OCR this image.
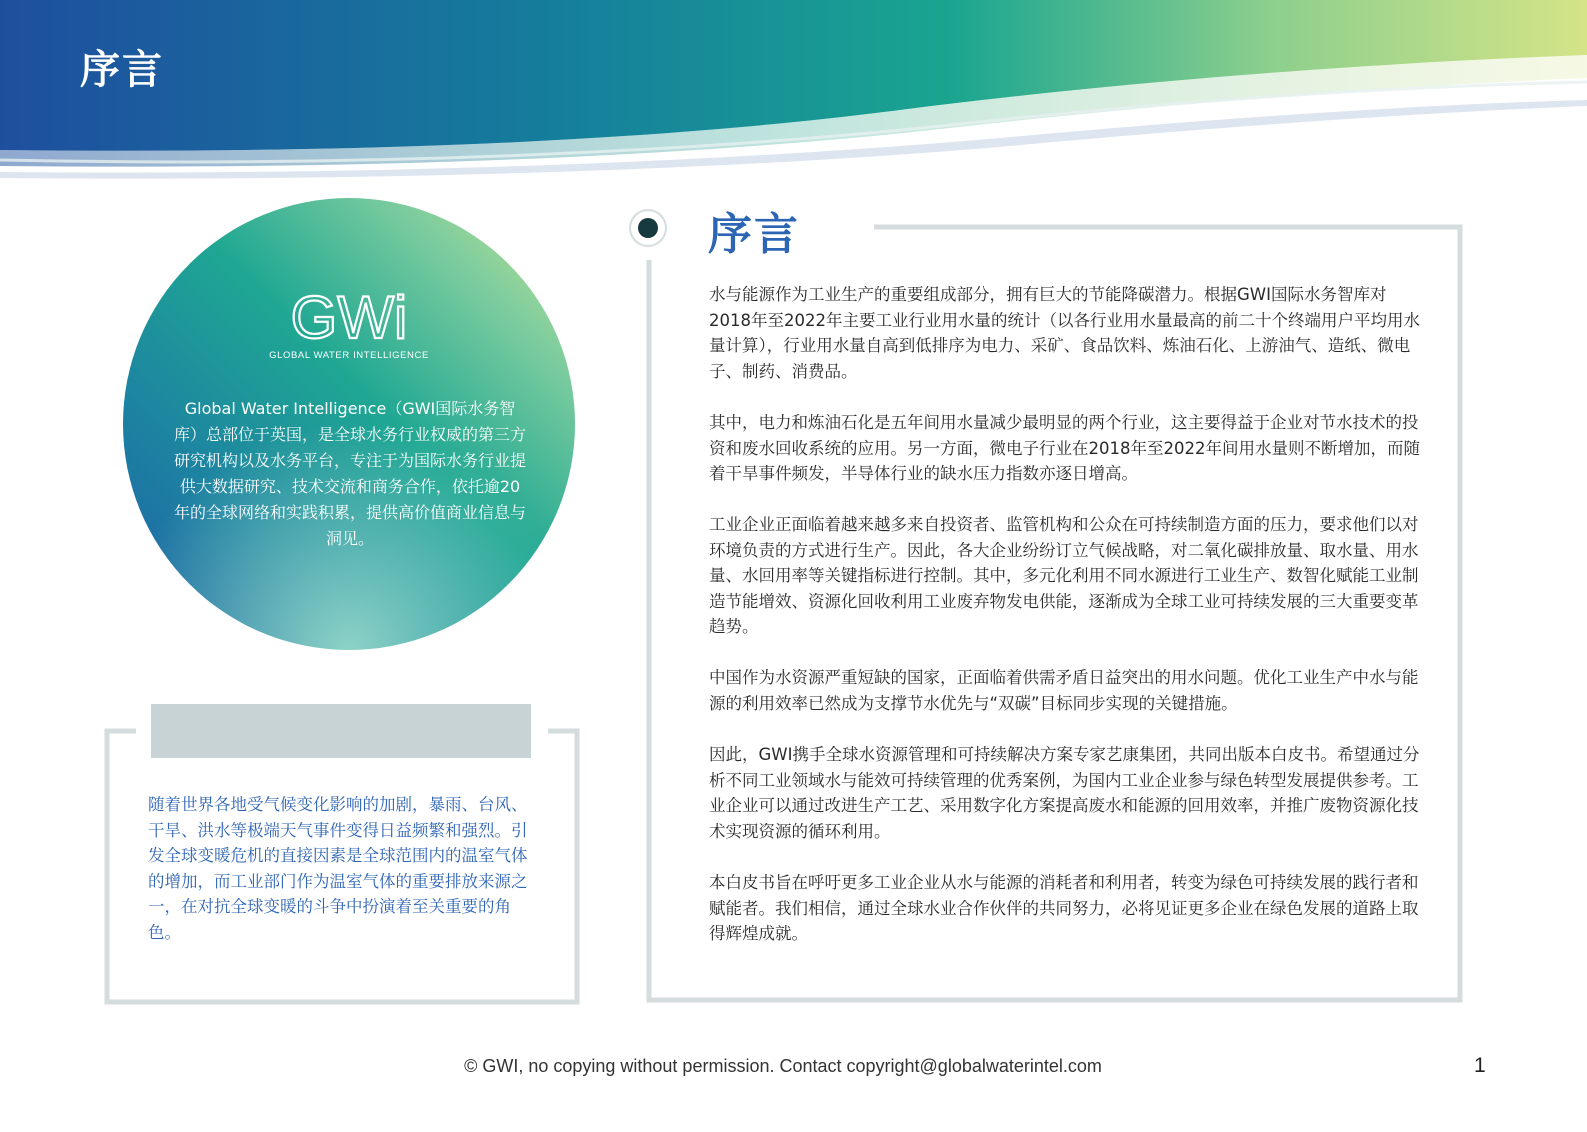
序言
GWi
GLOBAL WATER INTELLIGENCE

Global Water Intelligence（GWI国际水务智库）总部位于英国，是全球水务行业权威的第三方研究机构以及水务平台，专注于为国际水务行业提供大数据研究、技术交流和商务合作，依托逾20年的全球网络和实践积累，提供高价值商业信息与洞见。

随着世界各地受气候变化影响的加剧，暴雨、台风、干旱、洪水等极端天气事件变得日益频繁和强烈。引发全球变暖危机的直接因素是全球范围内的温室气体的增加，而工业部门作为温室气体的重要排放来源之一，在对抗全球变暖的斗争中扮演着至关重要的角色。

序言

水与能源作为工业生产的重要组成部分，拥有巨大的节能降碳潜力。根据GWI国际水务智库对2018年至2022年主要工业行业用水量的统计（以各行业用水量最高的前二十个终端用户平均用水量计算），行业用水量自高到低排序为电力、采矿、食品饮料、炼油石化、上游油气、造纸、微电子、制药、消费品。

其中，电力和炼油石化是五年间用水量减少最明显的两个行业，这主要得益于企业对节水技术的投资和废水回收系统的应用。另一方面，微电子行业在2018年至2022年间用水量则不断增加，而随着干旱事件频发，半导体行业的缺水压力指数亦逐日增高。

工业企业正面临着越来越多来自投资者、监管机构和公众在可持续制造方面的压力，要求他们以对环境负责的方式进行生产。因此，各大企业纷纷订立气候战略，对二氧化碳排放量、取水量、用水量、水回用率等关键指标进行控制。其中，多元化利用不同水源进行工业生产、数智化赋能工业制造节能增效、资源化回收利用工业废弃物发电供能，逐渐成为全球工业可持续发展的三大重要变革趋势。

中国作为水资源严重短缺的国家，正面临着供需矛盾日益突出的用水问题。优化工业生产中水与能源的利用效率已然成为支撑节水优先与“双碳”目标同步实现的关键措施。

因此，GWI携手全球水资源管理和可持续解决方案专家艺康集团，共同出版本白皮书。希望通过分析不同工业领域水与能效可持续管理的优秀案例，为国内工业企业参与绿色转型发展提供参考。工业企业可以通过改进生产工艺、采用数字化方案提高废水和能源的回用效率，并推广废物资源化技术实现资源的循环利用。

本白皮书旨在呼吁更多工业企业从水与能源的消耗者和利用者，转变为绿色可持续发展的践行者和赋能者。我们相信，通过全球水业合作伙伴的共同努力，必将见证更多企业在绿色发展的道路上取得辉煌成就。

© GWI, no copying without permission. Contact copyright@globalwaterintel.com	1
